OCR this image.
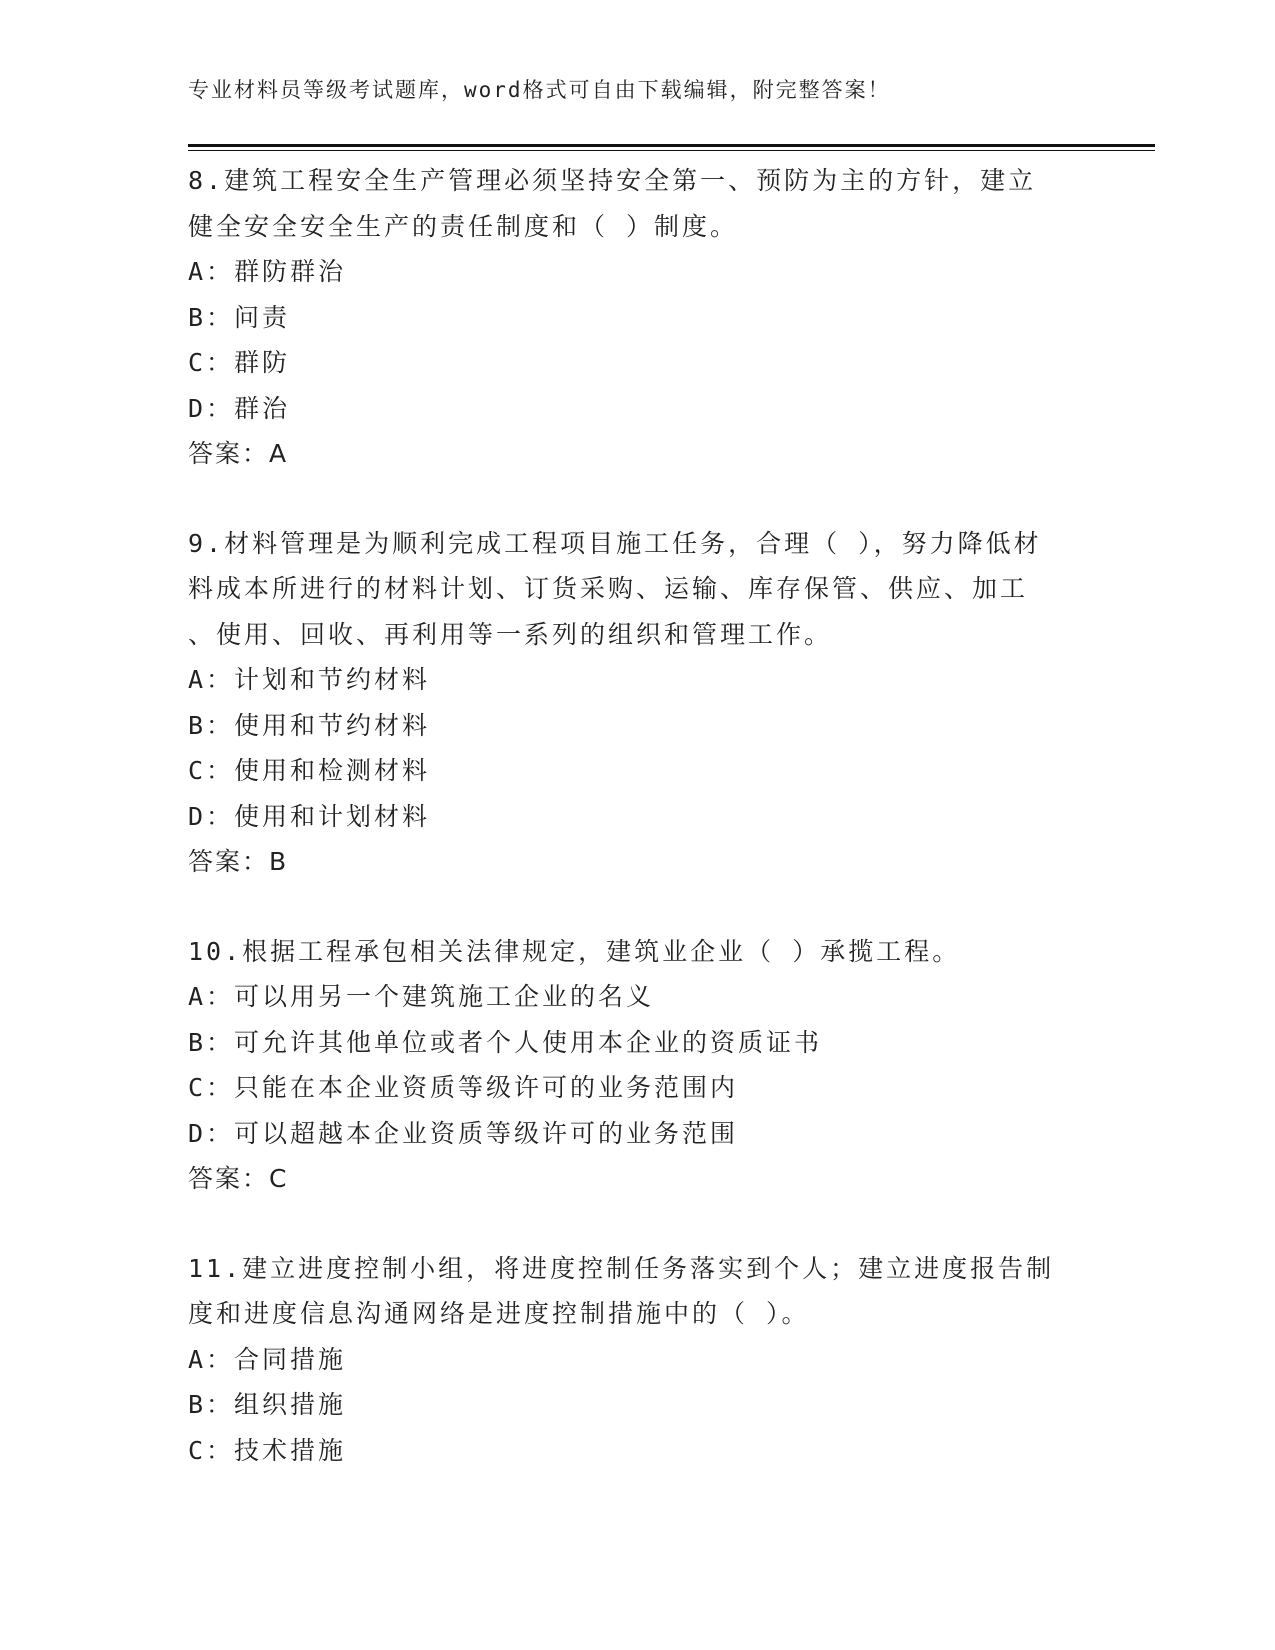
专业材料员等级考试题库，word格式可自由下载编辑，附完整答案！
8.建筑工程安全生产管理必须坚持安全第一、预防为主的方针，建立
健全安全安全生产的责任制度和（ ）制度。
A：群防群治
B：问责
C：群防
D：群治
答案：A
9.材料管理是为顺利完成工程项目施工任务，合理（ ），努力降低材
料成本所进行的材料计划、订货采购、运输、库存保管、供应、加工
、使用、回收、再利用等一系列的组织和管理工作。
A：计划和节约材料
B：使用和节约材料
C：使用和检测材料
D：使用和计划材料
答案：B
10.根据工程承包相关法律规定，建筑业企业（ ）承揽工程。
A：可以用另一个建筑施工企业的名义
B：可允许其他单位或者个人使用本企业的资质证书
C：只能在本企业资质等级许可的业务范围内
D：可以超越本企业资质等级许可的业务范围
答案：C
11.建立进度控制小组，将进度控制任务落实到个人；建立进度报告制
度和进度信息沟通网络是进度控制措施中的（ ）。
A：合同措施
B：组织措施
C：技术措施
